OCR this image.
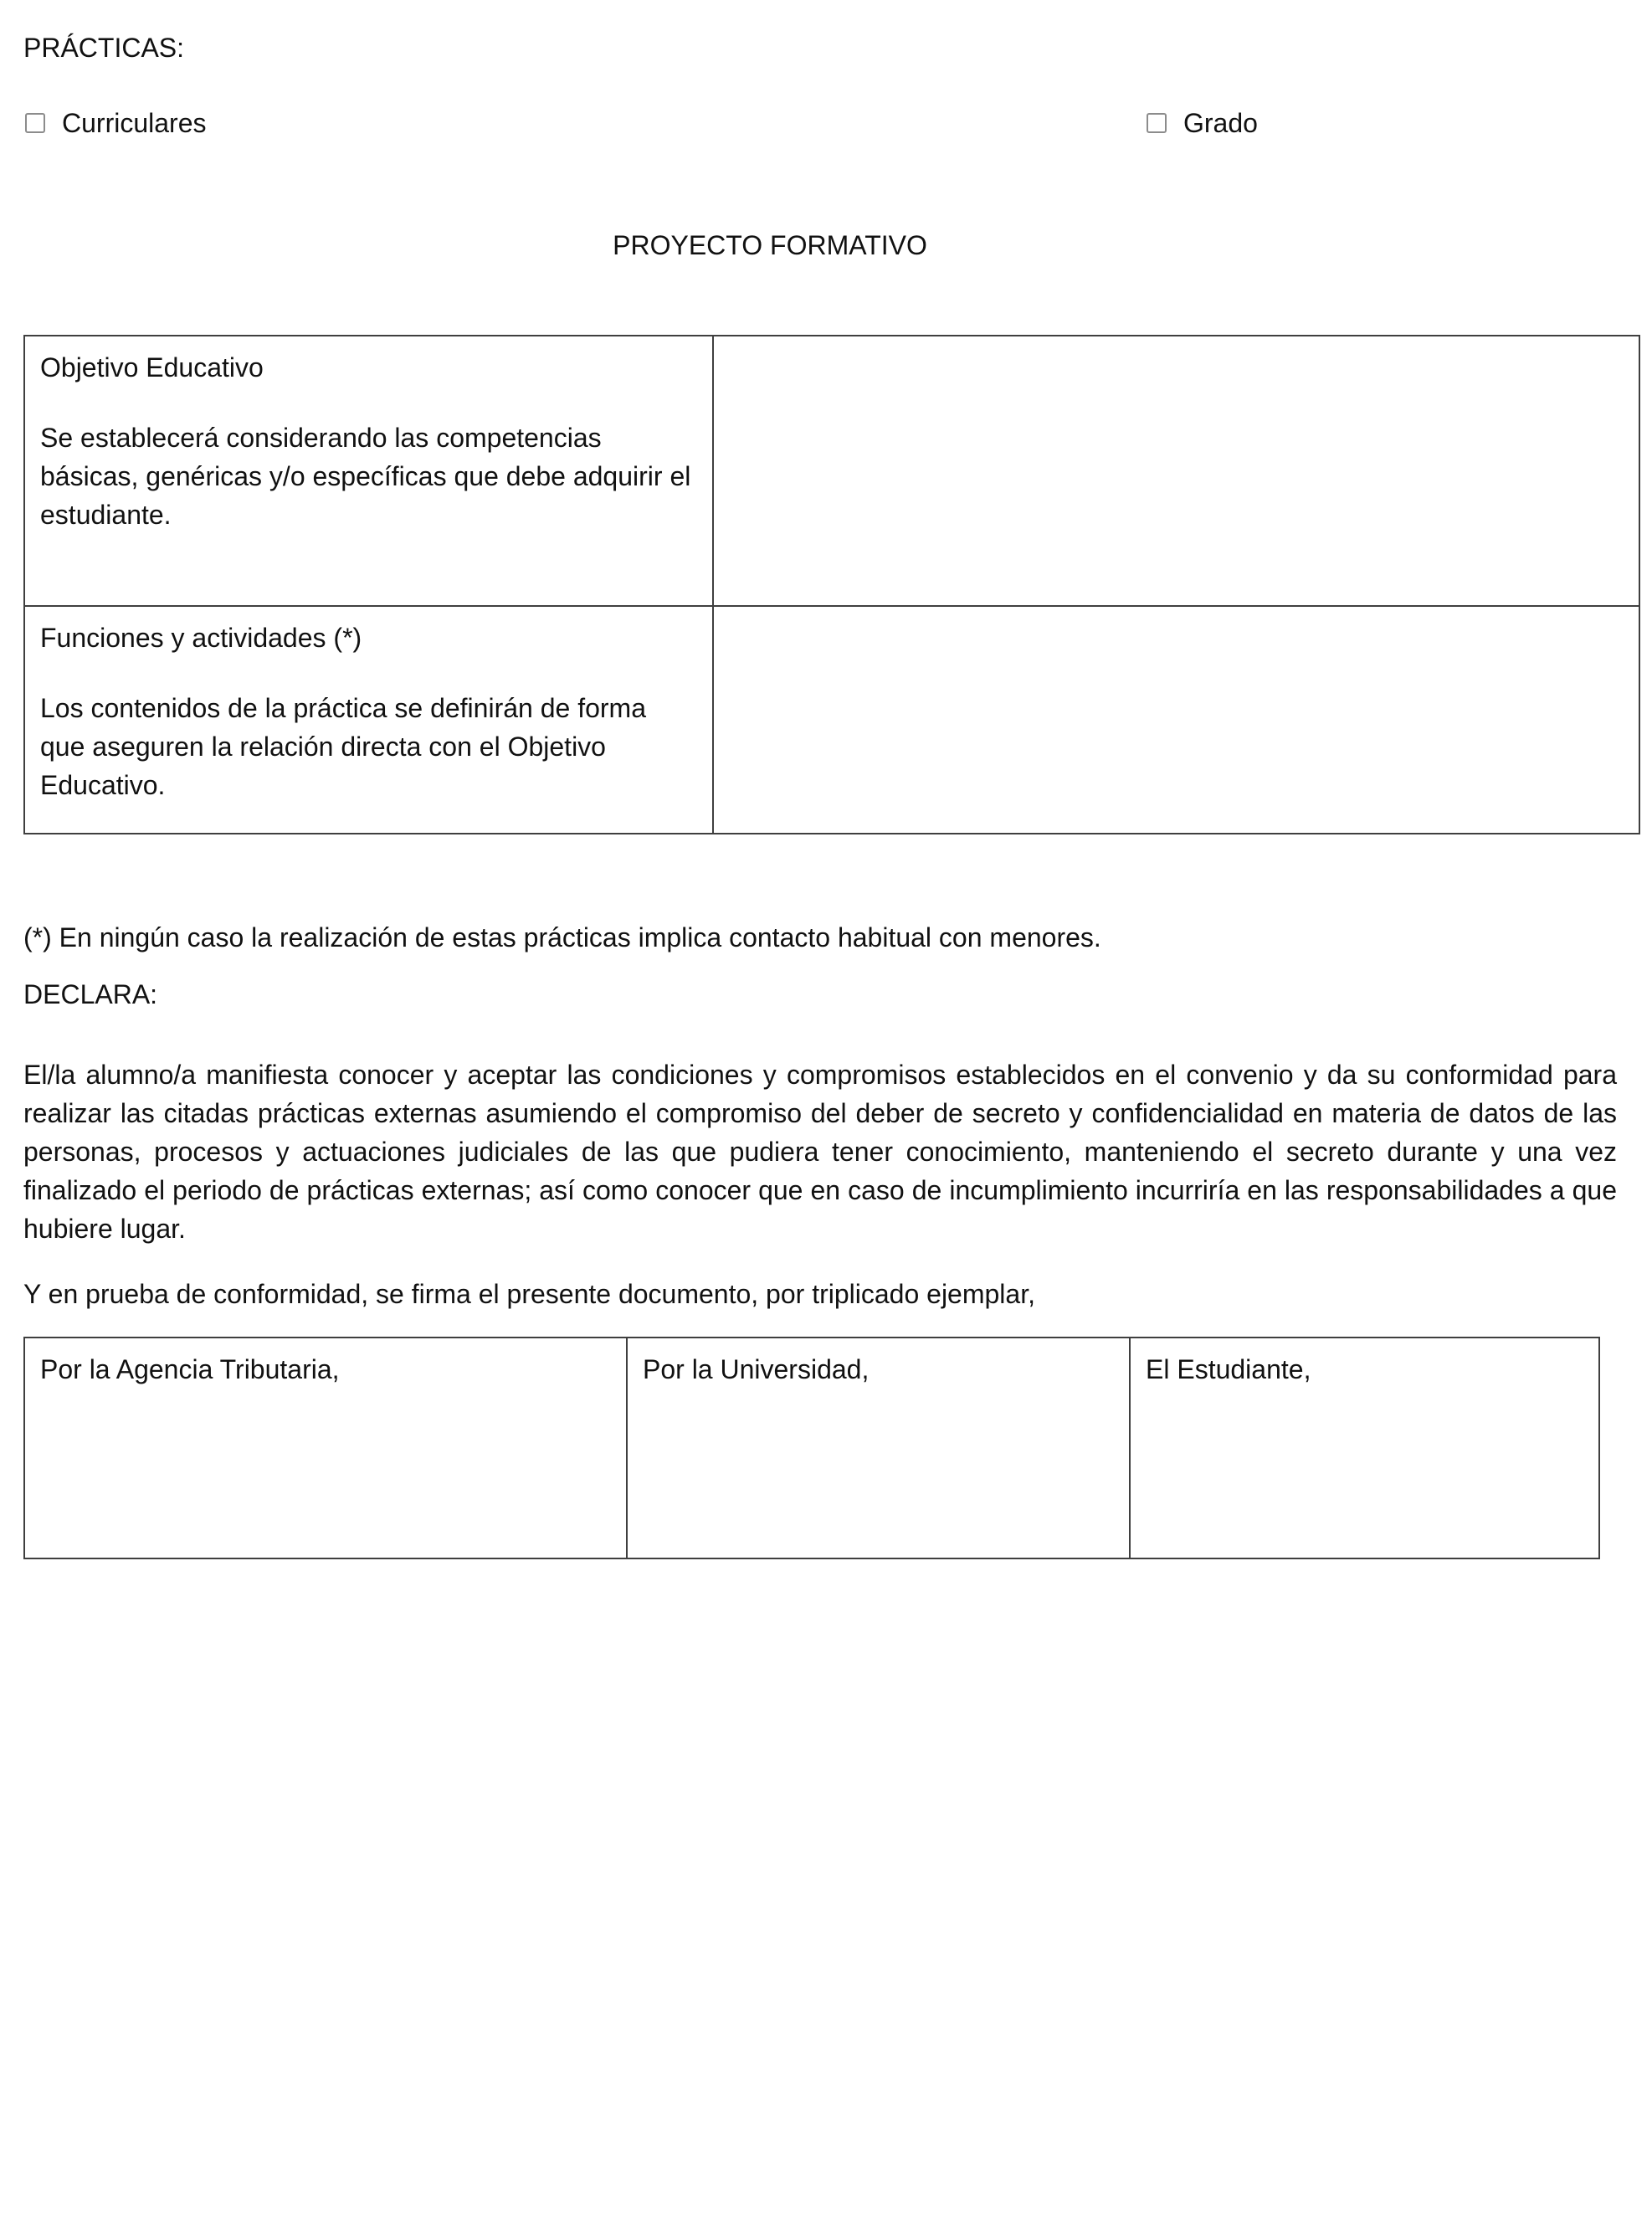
PRÁCTICAS:

Curriculares	Grado

PROYECTO FORMATIVO

Objetivo Educativo

Se establecerá considerando las competencias básicas, genéricas y/o específicas que debe adquirir el estudiante.	

Funciones y actividades (*)

Los contenidos de la práctica se definirán de forma que aseguren la relación directa con el Objetivo Educativo.	

(*) En ningún caso la realización de estas prácticas implica contacto habitual con menores.

DECLARA:

El/la alumno/a manifiesta conocer y aceptar las condiciones y compromisos establecidos en el convenio y da su conformidad para realizar las citadas prácticas externas asumiendo el compromiso del deber de secreto y confidencialidad en materia de datos de las personas, procesos y actuaciones judiciales de las que pudiera tener conocimiento, manteniendo el secreto durante y una vez finalizado el periodo de prácticas externas; así como conocer que en caso de incumplimiento incurriría en las responsabilidades a que hubiere lugar.

Y en prueba de conformidad, se firma el presente documento, por triplicado ejemplar,

Por la Agencia Tributaria,	Por la Universidad,	El Estudiante,
